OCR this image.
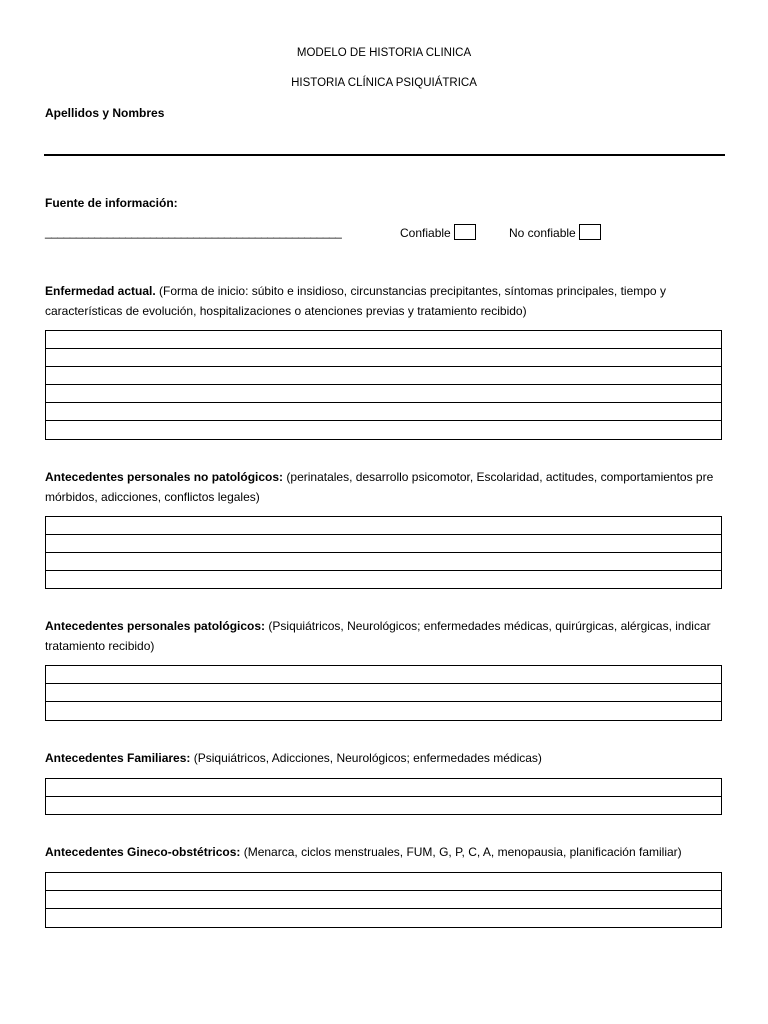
MODELO DE HISTORIA CLINICA
HISTORIA CLÍNICA PSIQUIÁTRICA
Apellidos y Nombres
Fuente de información:
________________________________________________	Confiable	No confiable
Enfermedad actual. (Forma de inicio: súbito e insidioso, circunstancias precipitantes, síntomas principales, tiempo y características de evolución, hospitalizaciones o atenciones previas y tratamiento recibido)
Antecedentes personales no patológicos: (perinatales, desarrollo psicomotor, Escolaridad, actitudes, comportamientos pre mórbidos, adicciones, conflictos legales)
Antecedentes personales patológicos: (Psiquiátricos, Neurológicos; enfermedades médicas, quirúrgicas, alérgicas, indicar tratamiento recibido)
Antecedentes Familiares: (Psiquiátricos, Adicciones, Neurológicos; enfermedades médicas)
Antecedentes Gineco-obstétricos: (Menarca, ciclos menstruales, FUM, G, P, C, A, menopausia, planificación familiar)
